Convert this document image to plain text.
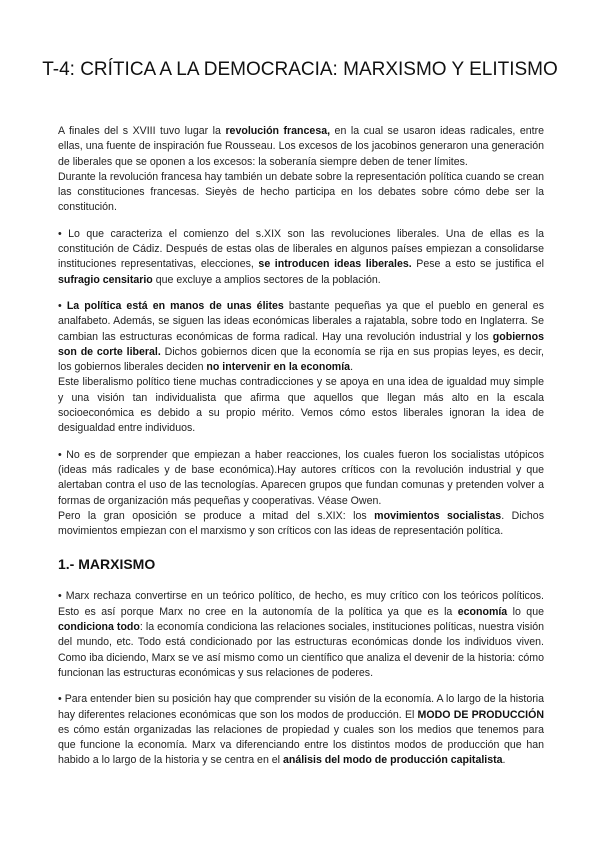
T-4: CRÍTICA A LA DEMOCRACIA: MARXISMO Y ELITISMO

A finales del s XVIII tuvo lugar la revolución francesa, en la cual se usaron ideas radicales, entre ellas, una fuente de inspiración fue Rousseau. Los excesos de los jacobinos generaron una generación de liberales que se oponen a los excesos: la soberanía siempre deben de tener límites.

Durante la revolución francesa hay también un debate sobre la representación política cuando se crean las constituciones francesas. Sieyès de hecho participa en los debates sobre cómo debe ser la constitución.

• Lo que caracteriza el comienzo del s.XIX son las revoluciones liberales. Una de ellas es la constitución de Cádiz. Después de estas olas de liberales en algunos países empiezan a consolidarse instituciones representativas, elecciones, se introducen ideas liberales. Pese a esto se justifica el sufragio censitario que excluye a amplios sectores de la población.

• La política está en manos de unas élites bastante pequeñas ya que el pueblo en general es analfabeto. Además, se siguen las ideas económicas liberales a rajatabla, sobre todo en Inglaterra. Se cambian las estructuras económicas de forma radical. Hay una revolución industrial y los gobiernos son de corte liberal. Dichos gobiernos dicen que la economía se rija en sus propias leyes, es decir, los gobiernos liberales deciden no intervenir en la economía.

Este liberalismo político tiene muchas contradicciones y se apoya en una idea de igualdad muy simple y una visión tan individualista que afirma que aquellos que llegan más alto en la escala socioeconómica es debido a su propio mérito. Vemos cómo estos liberales ignoran la idea de desigualdad entre individuos.

• No es de sorprender que empiezan a haber reacciones, los cuales fueron los socialistas utópicos (ideas más radicales y de base económica).Hay autores críticos con la revolución industrial y que alertaban contra el uso de las tecnologías. Aparecen grupos que fundan comunas y pretenden volver a formas de organización más pequeñas y cooperativas. Véase Owen.

Pero la gran oposición se produce a mitad del s.XIX: los movimientos socialistas. Dichos movimientos empiezan con el marxismo y son críticos con las ideas de representación política.

1.- MARXISMO

• Marx rechaza convertirse en un teórico político, de hecho, es muy crítico con los teóricos políticos. Esto es así porque Marx no cree en la autonomía de la política ya que es la economía lo que condiciona todo: la economía condiciona las relaciones sociales, instituciones políticas, nuestra visión del mundo, etc. Todo está condicionado por las estructuras económicas donde los individuos viven. Como iba diciendo, Marx se ve así mismo como un científico que analiza el devenir de la historia: cómo funcionan las estructuras económicas y sus relaciones de poderes.

• Para entender bien su posición hay que comprender su visión de la economía. A lo largo de la historia hay diferentes relaciones económicas que son los modos de producción. El MODO DE PRODUCCIÓN es cómo están organizadas las relaciones de propiedad y cuales son los medios que tenemos para que funcione la economía. Marx va diferenciando entre los distintos modos de producción que han habido a lo largo de la historia y se centra en el análisis del modo de producción capitalista.
